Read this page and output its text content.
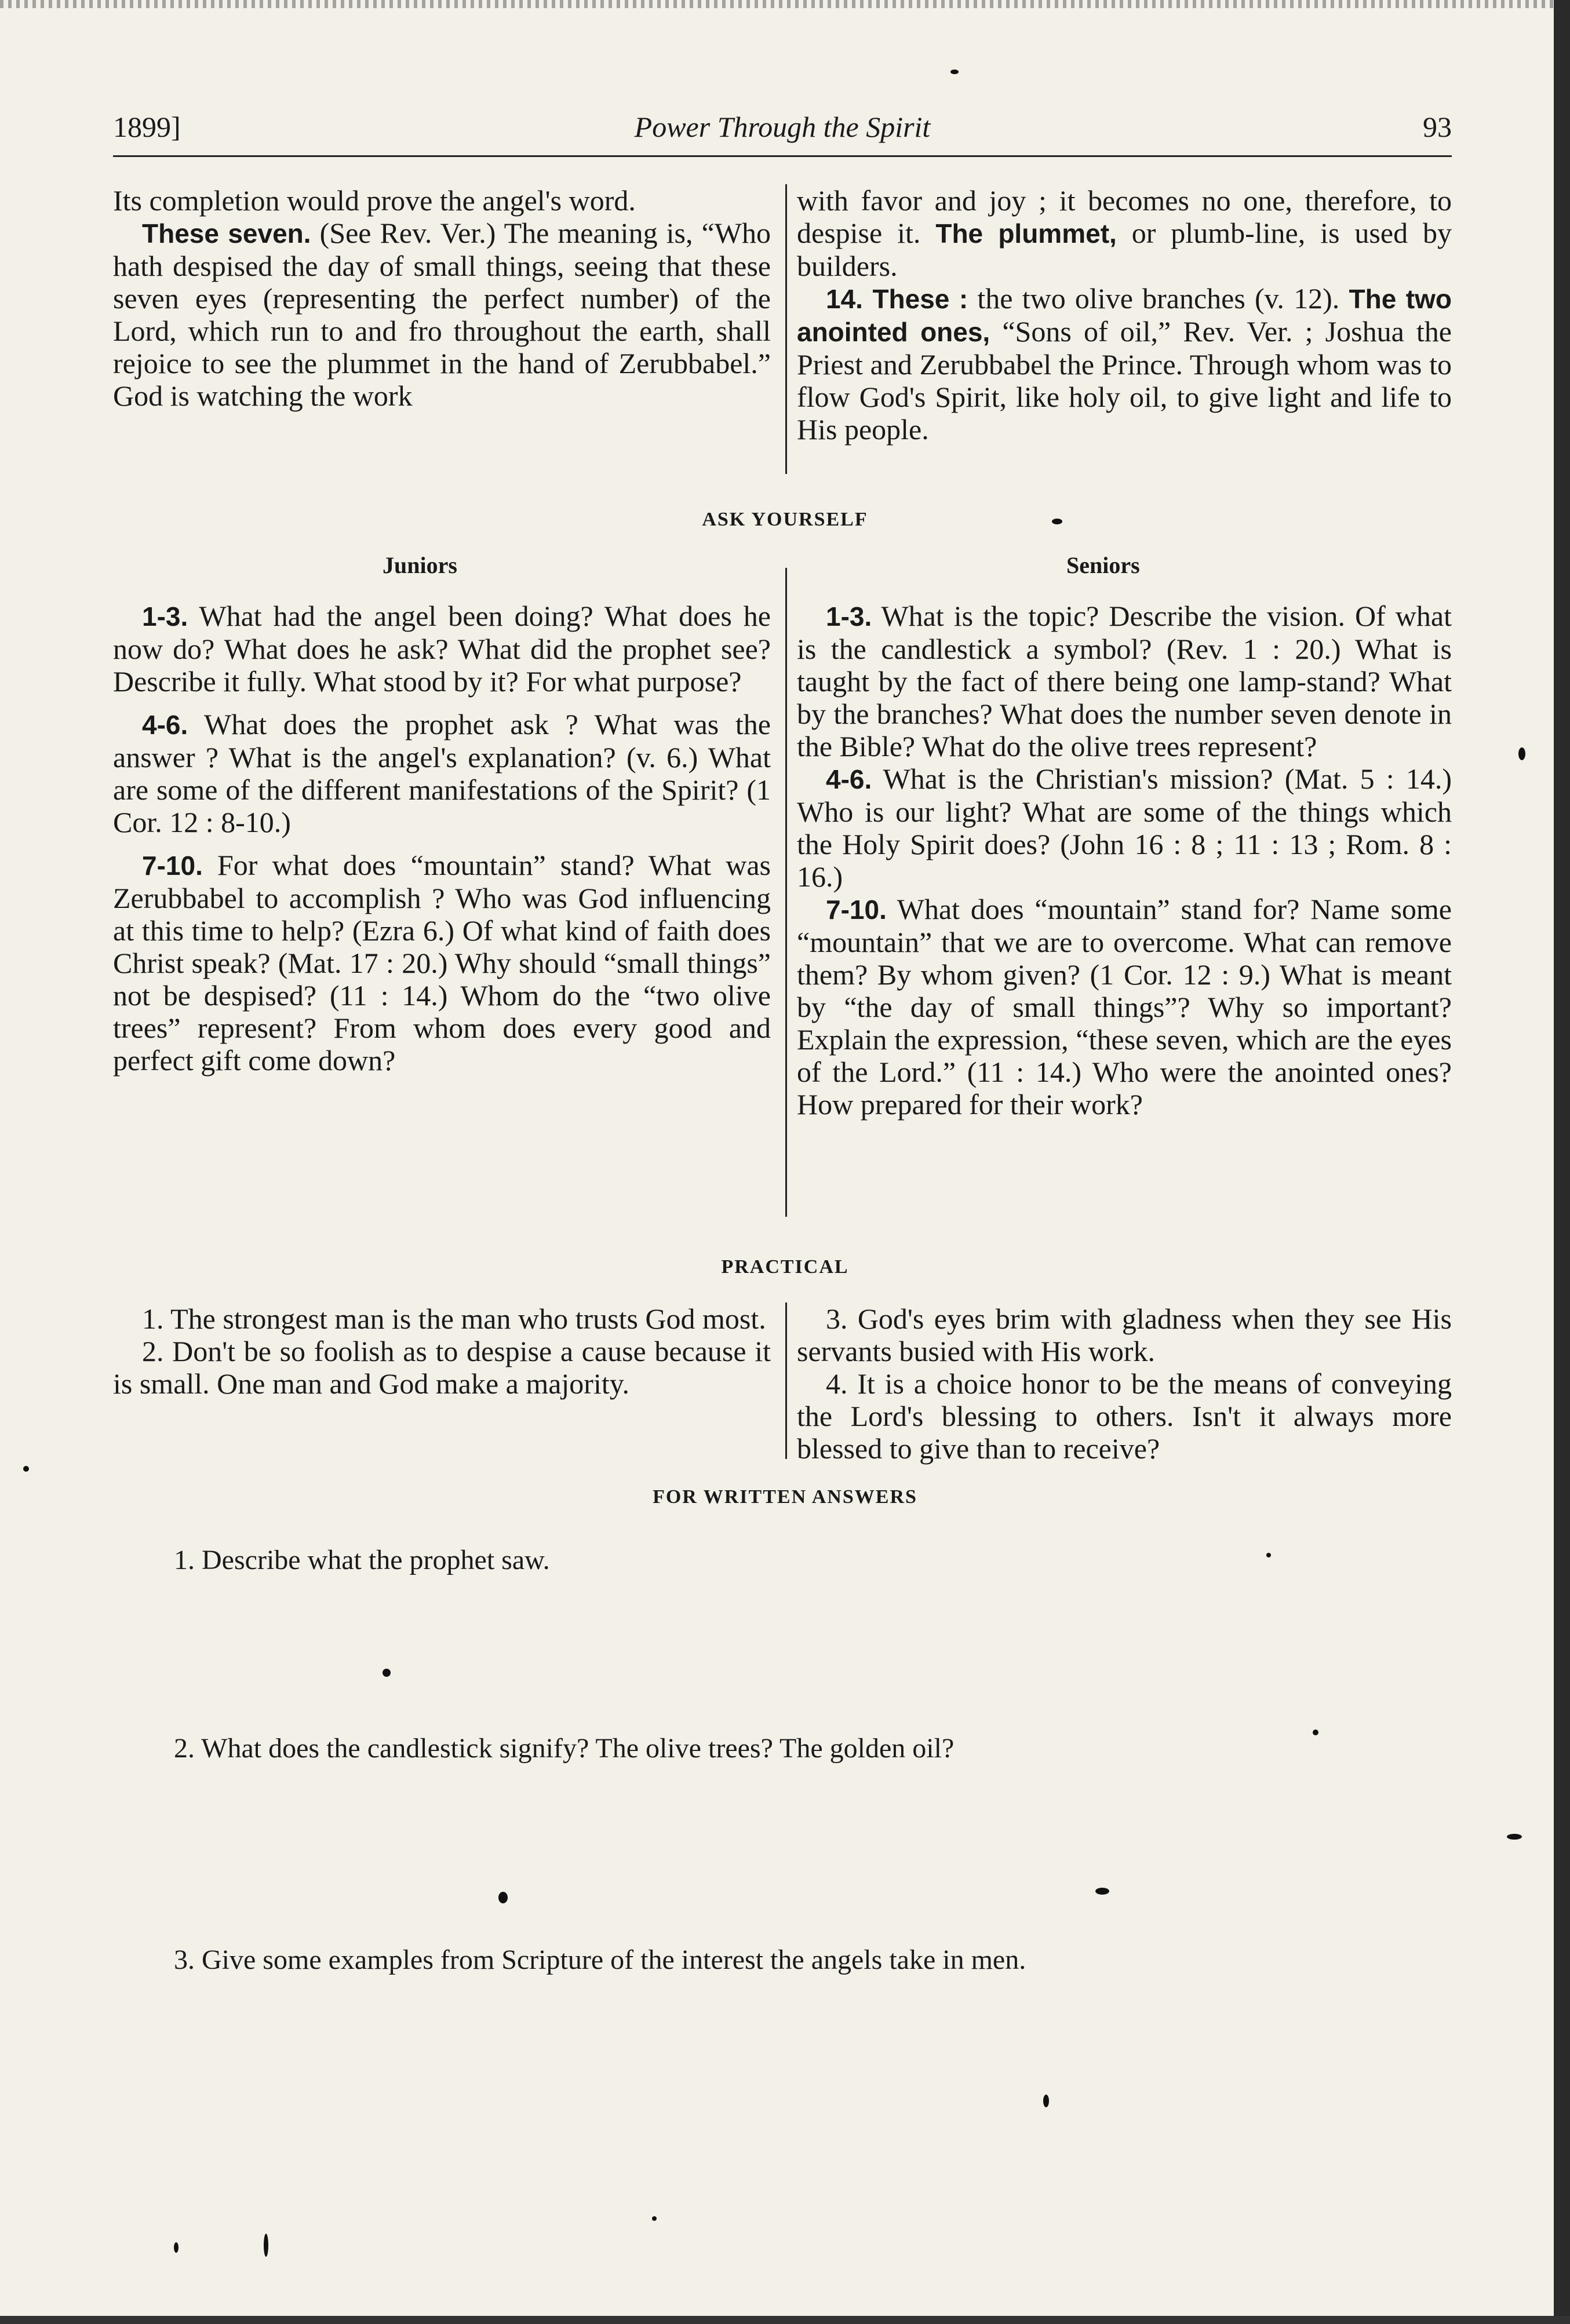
1899]	Power Through the Spirit	93

Its completion would prove the angel's word.

These seven. (See Rev. Ver.) The meaning is, “Who hath despised the day of small things, seeing that these seven eyes (representing the perfect number) of the Lord, which run to and fro throughout the earth, shall rejoice to see the plummet in the hand of Zerubbabel.” God is watching the work

with favor and joy ; it becomes no one, therefore, to despise it. The plummet, or plumb-line, is used by builders.

14. These : the two olive branches (v. 12). The two anointed ones, “Sons of oil,” Rev. Ver. ; Joshua the Priest and Zerubbabel the Prince. Through whom was to flow God's Spirit, like holy oil, to give light and life to His people.

ASK YOURSELF
Juniors	Seniors

1-3. What had the angel been doing? What does he now do? What does he ask? What did the prophet see? Describe it fully. What stood by it? For what purpose?

4-6. What does the prophet ask ? What was the answer ? What is the angel's explanation? (v. 6.) What are some of the different manifestations of the Spirit? (1 Cor. 12 : 8-10.)

7-10. For what does “mountain” stand? What was Zerubbabel to accomplish ? Who was God influencing at this time to help? (Ezra 6.) Of what kind of faith does Christ speak? (Mat. 17 : 20.) Why should “small things” not be despised? (11 : 14.) Whom do the “two olive trees” represent? From whom does every good and perfect gift come down?

1-3. What is the topic? Describe the vision. Of what is the candlestick a symbol? (Rev. 1 : 20.) What is taught by the fact of there being one lamp-stand? What by the branches? What does the number seven denote in the Bible? What do the olive trees represent?

4-6. What is the Christian's mission? (Mat. 5 : 14.) Who is our light? What are some of the things which the Holy Spirit does? (John 16 : 8 ; 11 : 13 ; Rom. 8 : 16.)

7-10. What does “mountain” stand for? Name some “mountain” that we are to overcome. What can remove them? By whom given? (1 Cor. 12 : 9.) What is meant by “the day of small things”? Why so important? Explain the expression, “these seven, which are the eyes of the Lord.” (11 : 14.) Who were the anointed ones? How prepared for their work?

PRACTICAL

1. The strongest man is the man who trusts God most.

2. Don't be so foolish as to despise a cause because it is small. One man and God make a majority.

3. God's eyes brim with gladness when they see His servants busied with His work.

4. It is a choice honor to be the means of conveying the Lord's blessing to others. Isn't it always more blessed to give than to receive?

FOR WRITTEN ANSWERS
1. Describe what the prophet saw.
2. What does the candlestick signify? The olive trees? The golden oil?
3. Give some examples from Scripture of the interest the angels take in men.
